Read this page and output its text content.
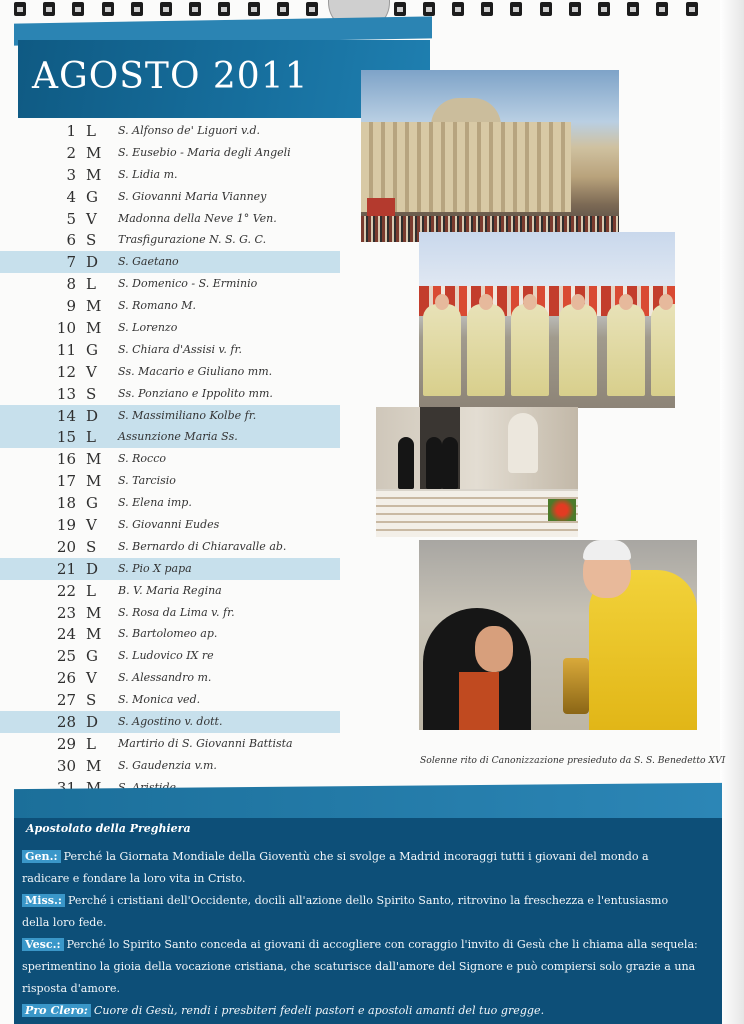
AGOSTO 2011
1 L S. Alfonso de' Liguori v.d.
2 M S. Eusebio - Maria degli Angeli
3 M S. Lidia m.
4 G S. Giovanni Maria Vianney
5 V Madonna della Neve 1° Ven.
6 S Trasfigurazione N. S. G. C.
7 D S. Gaetano
8 L S. Domenico - S. Erminio
9 M S. Romano M.
10 M S. Lorenzo
11 G S. Chiara d'Assisi v. fr.
12 V Ss. Macario e Giuliano mm.
13 S Ss. Ponziano e Ippolito mm.
14 D S. Massimiliano Kolbe fr.
15 L Assunzione Maria Ss.
16 M S. Rocco
17 M S. Tarcisio
18 G S. Elena imp.
19 V S. Giovanni Eudes
20 S S. Bernardo di Chiaravalle ab.
21 D S. Pio X papa
22 L B. V. Maria Regina
23 M S. Rosa da Lima v. fr.
24 M S. Bartolomeo ap.
25 G S. Ludovico IX re
26 V S. Alessandro m.
27 S S. Monica ved.
28 D S. Agostino v. dott.
29 L Martirio di S. Giovanni Battista
30 M S. Gaudenzia v.m.	Solenne rito di Canonizzazione presieduto da S. S. Benedetto XVI
Apostolato della Preghiera

Gen.: Perché la Giornata Mondiale della Gioventù che si svolge a Madrid incoraggi tutti i giovani del mondo a radicare e fondare la loro vita in Cristo.

Miss.: Perché i cristiani dell'Occidente, docili all'azione dello Spirito Santo, ritrovino la freschezza e l'entusiasmo della loro fede.

Vesc.: Perché lo Spirito Santo conceda ai giovani di accogliere con coraggio l'invito di Gesù che li chiama alla sequela: sperimentino la gioia della vocazione cristiana, che scaturisce dall'amore del Signore e può compiersi solo grazie a una risposta d'amore.

Pro Clero: Cuore di Gesù, rendi i presbiteri fedeli pastori e apostoli amanti del tuo gregge.
